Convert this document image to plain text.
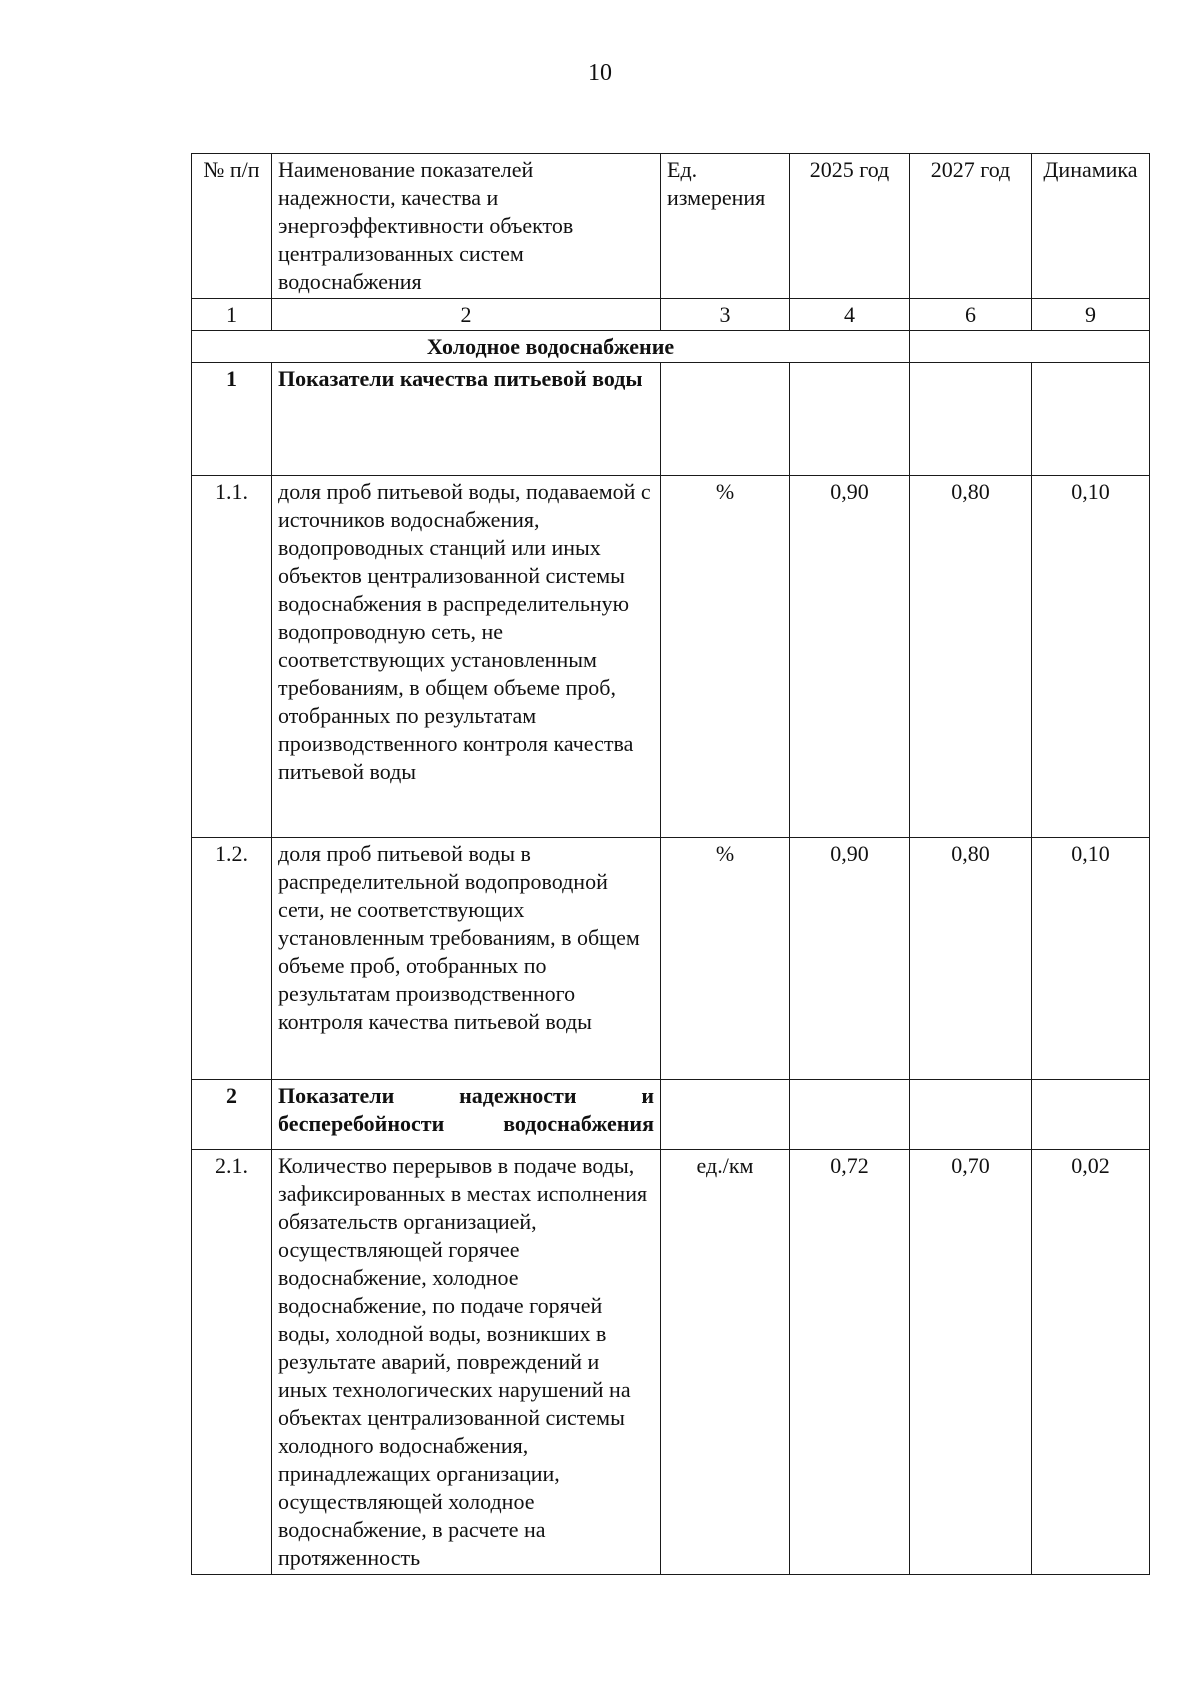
10
№ п/п	Наименование показателей надежности, качества и энергоэффективности объектов централизованных систем водоснабжения	Ед. измерения	2025 год	2027 год	Динамика
1	2	3	4	6	9
Холодное водоснабжение					
1	Показатели качества питьевой воды				
1.1.	доля проб питьевой воды, подаваемой с источников водоснабжения, водопроводных станций или иных объектов централизованной системы водоснабжения в распределительную водопроводную сеть, не соответствующих установленным требованиям, в общем объеме проб, отобранных по результатам производственного контроля качества питьевой воды	%	0,90	0,80	0,10
1.2.	доля проб питьевой воды в распределительной водопроводной сети, не соответствующих установленным требованиям, в общем объеме проб, отобранных по результатам производственного контроля качества питьевой воды	%	0,90	0,80	0,10
2	Показатели надежности и бесперебойности водоснабжения				
2.1.	Количество перерывов в подаче воды, зафиксированных в местах исполнения обязательств организацией, осуществляющей горячее водоснабжение, холодное водоснабжение, по подаче горячей воды, холодной воды, возникших в результате аварий, повреждений и иных технологических нарушений на объектах централизованной системы холодного водоснабжения, принадлежащих организации, осуществляющей холодное водоснабжение, в расчете на протяженность	ед./км	0,72	0,70	0,02
